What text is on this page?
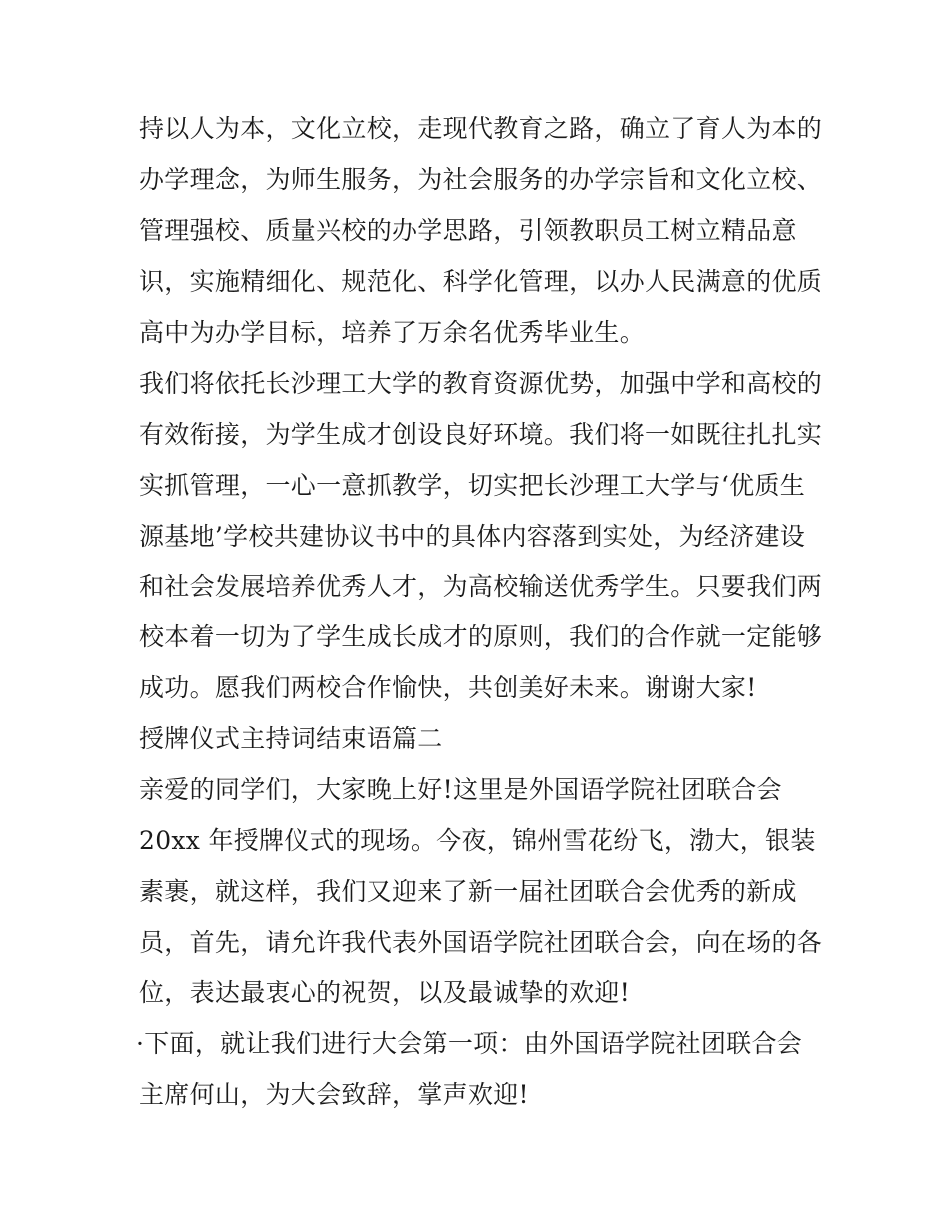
持以人为本，文化立校，走现代教育之路，确立了育人为本的
办学理念，为师生服务，为社会服务的办学宗旨和文化立校、
管理强校、质量兴校的办学思路，引领教职员工树立精品意
识，实施精细化、规范化、科学化管理，以办人民满意的优质
高中为办学目标，培养了万余名优秀毕业生。
我们将依托长沙理工大学的教育资源优势，加强中学和高校的
有效衔接，为学生成才创设良好环境。我们将一如既往扎扎实
实抓管理，一心一意抓教学，切实把长沙理工大学与‘优质生
源基地’学校共建协议书中的具体内容落到实处，为经济建设
和社会发展培养优秀人才，为高校输送优秀学生。只要我们两
校本着一切为了学生成长成才的原则，我们的合作就一定能够
成功。愿我们两校合作愉快，共创美好未来。谢谢大家!
授牌仪式主持词结束语篇二
亲爱的同学们，大家晚上好!这里是外国语学院社团联合会
20xx 年授牌仪式的现场。今夜，锦州雪花纷飞，渤大，银装
素裹，就这样，我们又迎来了新一届社团联合会优秀的新成
员，首先，请允许我代表外国语学院社团联合会，向在场的各
位，表达最衷心的祝贺，以及最诚挚的欢迎!
·下面，就让我们进行大会第一项：由外国语学院社团联合会
主席何山，为大会致辞，掌声欢迎!
